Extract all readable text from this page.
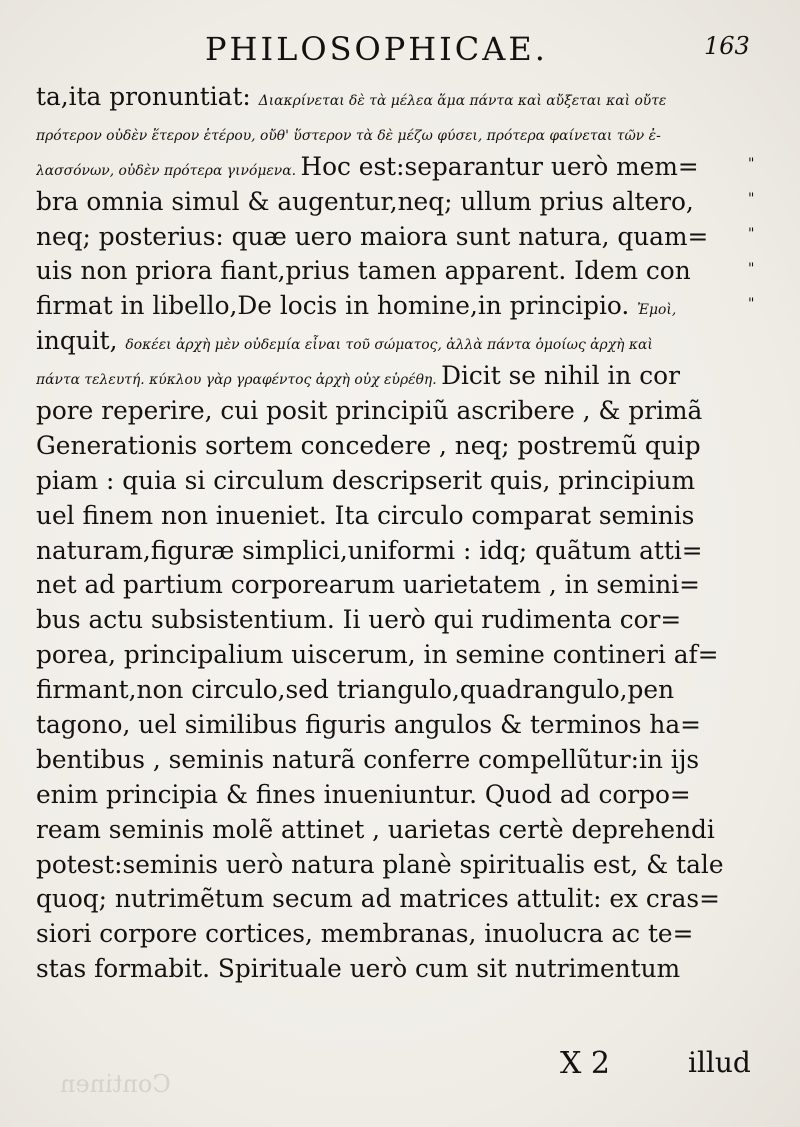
PHILOSOPHICAE.	163
ta,ita pronuntiat: Διακρίνεται δὲ τὰ μέλεα ἅμα πάντα καὶ αὔξεται καὶ οὔτε
πρότερον οὐδὲν ἕτερον ἑτέρου, οὔθ' ὕστερον τὰ δὲ μέζω φύσει, πρότερα φαίνεται τῶν ἐ-
λασσόνων, οὐδὲν πρότερα γινόμενα. Hoc est:separantur uerò mem=
bra omnia simul & augentur,neq; ullum prius altero,
neq; posterius: quæ uero maiora sunt natura, quam=
uis non priora fiant,prius tamen apparent. Idem con
firmat in libello,De locis in homine,in principio. Ἐμοὶ,
inquit, δοκέει ἀρχὴ μὲν οὐδεμία εἶναι τοῦ σώματος, ἀλλὰ πάντα ὁμοίως ἀρχὴ καὶ
πάντα τελευτή. κύκλου γὰρ γραφέντος ἀρχὴ οὐχ εὑρέθη. Dicit se nihil in cor
pore reperire, cui posit principiũ ascribere , & primã
Generationis sortem concedere , neq; postremũ quip
piam : quia si circulum descripserit quis, principium
uel finem non inueniet. Ita circulo comparat seminis
naturam,figuræ simplici,uniformi : idq; quãtum atti=
net ad partium corporearum uarietatem , in semini=
bus actu subsistentium. Ii uerò qui rudimenta cor=
porea, principalium uiscerum, in semine contineri af=
firmant,non circulo,sed triangulo,quadrangulo,pen
tagono, uel similibus figuris angulos & terminos ha=
bentibus , seminis naturã conferre compellũtur:in ijs
enim principia & fines inueniuntur. Quod ad corpo=
ream seminis molẽ attinet , uarietas certè deprehendi
potest:seminis uerò natura planè spiritualis est, & tale
quoq; nutrimẽtum secum ad matrices attulit: ex cras=
siori corpore cortices, membranas, inuolucra ac te=
stas formabit. Spirituale uerò cum sit nutrimentum
"
"
"
"
"
Continen
X 2	illud
